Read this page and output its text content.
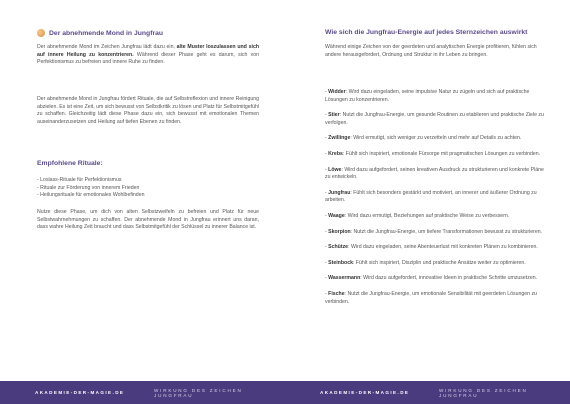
Der abnehmende Mond in Jungfrau

Der abnehmende Mond im Zeichen Jungfrau lädt dazu ein, alte Muster loszulassen und sich auf innere Heilung zu konzentrieren. Während dieser Phase geht es darum, sich von Perfektionismus zu befreien und innere Ruhe zu finden.

Der abnehmende Mond in Jungfrau fördert Rituale, die auf Selbstreflexion und innere Reinigung abzielen. Es ist eine Zeit, um sich bewusst von Selbstkritik zu lösen und Platz für Selbstmitgefühl zu schaffen. Gleichzeitig lädt diese Phase dazu ein, sich bewusst mit emotionalen Themen auseinanderzusetzen und Heilung auf tiefen Ebenen zu finden.

Empfohlene Rituale:
- Loslass-Rituale für Perfektionismus
- Rituale zur Förderung von innerem Frieden
- Heilungsrituale für emotionales Wohlbefinden

Nutze diese Phase, um dich von alten Selbstzweifeln zu befreien und Platz für neue Selbstwahrnehmungen zu schaffen. Der abnehmende Mond in Jungfrau erinnert uns daran, dass wahre Heilung Zeit braucht und dass Selbstmitgefühl der Schlüssel zu innerer Balance ist.

Wie sich die Jungfrau-Energie auf jedes Sternzeichen auswirkt

Während einige Zeichen von der geerdeten und analytischen Energie profitieren, fühlen sich andere herausgefordert, Ordnung und Struktur in ihr Leben zu bringen.

- Widder: Wird dazu eingeladen, seine impulsive Natur zu zügeln und sich auf praktische Lösungen zu konzentrieren.
- Stier: Nutzt die Jungfrau-Energie, um gesunde Routinen zu etablieren und praktische Ziele zu verfolgen.
- Zwillinge: Wird ermutigt, sich weniger zu verzetteln und mehr auf Details zu achten.
- Krebs: Fühlt sich inspiriert, emotionale Fürsorge mit pragmatischen Lösungen zu verbinden.
- Löwe: Wird dazu aufgefordert, seinen kreativen Ausdruck zu strukturieren und konkrete Pläne zu entwickeln.
- Jungfrau: Fühlt sich besonders gestärkt und motiviert, an innerer und äußerer Ordnung zu arbeiten.
- Waage: Wird dazu ermutigt, Beziehungen auf praktische Weise zu verbessern.
- Skorpion: Nutzt die Jungfrau-Energie, um tiefere Transformationen bewusst zu strukturieren.
- Schütze: Wird dazu eingeladen, seine Abenteuerlust mit konkreten Plänen zu kombinieren.
- Steinbock: Fühlt sich inspiriert, Disziplin und praktische Ansätze weiter zu optimieren.
- Wassermann: Wird dazu aufgefordert, innovative Ideen in praktische Schritte umzusetzen.
- Fische: Nutzt die Jungfrau-Energie, um emotionale Sensibilität mit geerdeten Lösungen zu verbinden.
AKADEMIE-DER-MAGIE.DE	WIRKUNG DES ZEICHEN JUNGFRAU	AKADEMIE-DER-MAGIE.DE	WIRKUNG DES ZEICHEN JUNGFRAU
